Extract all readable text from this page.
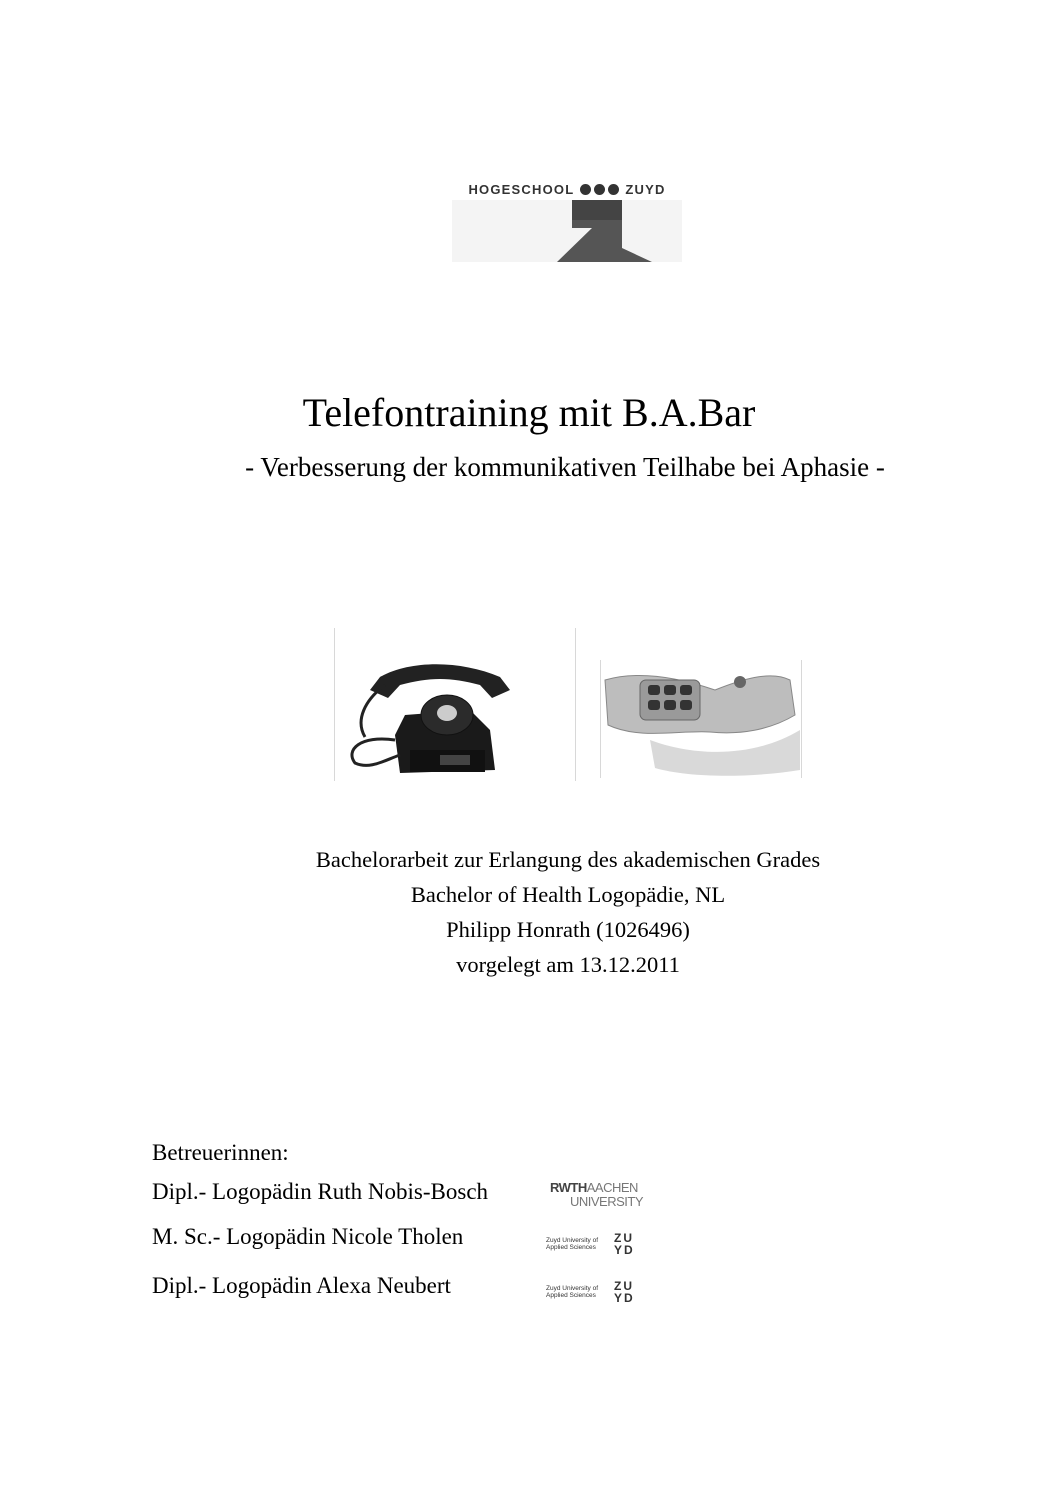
HOGESCHOOL	ZUYD
Telefontraining mit B.A.Bar
- Verbesserung der kommunikativen Teilhabe bei Aphasie -
Bachelorarbeit zur Erlangung des akademischen Grades
Bachelor of Health Logopädie, NL
Philipp Honrath (1026496)
vorgelegt am 13.12.2011
Betreuerinnen:
Dipl.- Logopädin Ruth Nobis-Bosch
M. Sc.- Logopädin Nicole Tholen
Dipl.- Logopädin Alexa Neubert
RWTHAACHEN
UNIVERSITY
Zuyd University of Applied Sciences
ZUYD
Zuyd University of Applied Sciences
ZUYD
